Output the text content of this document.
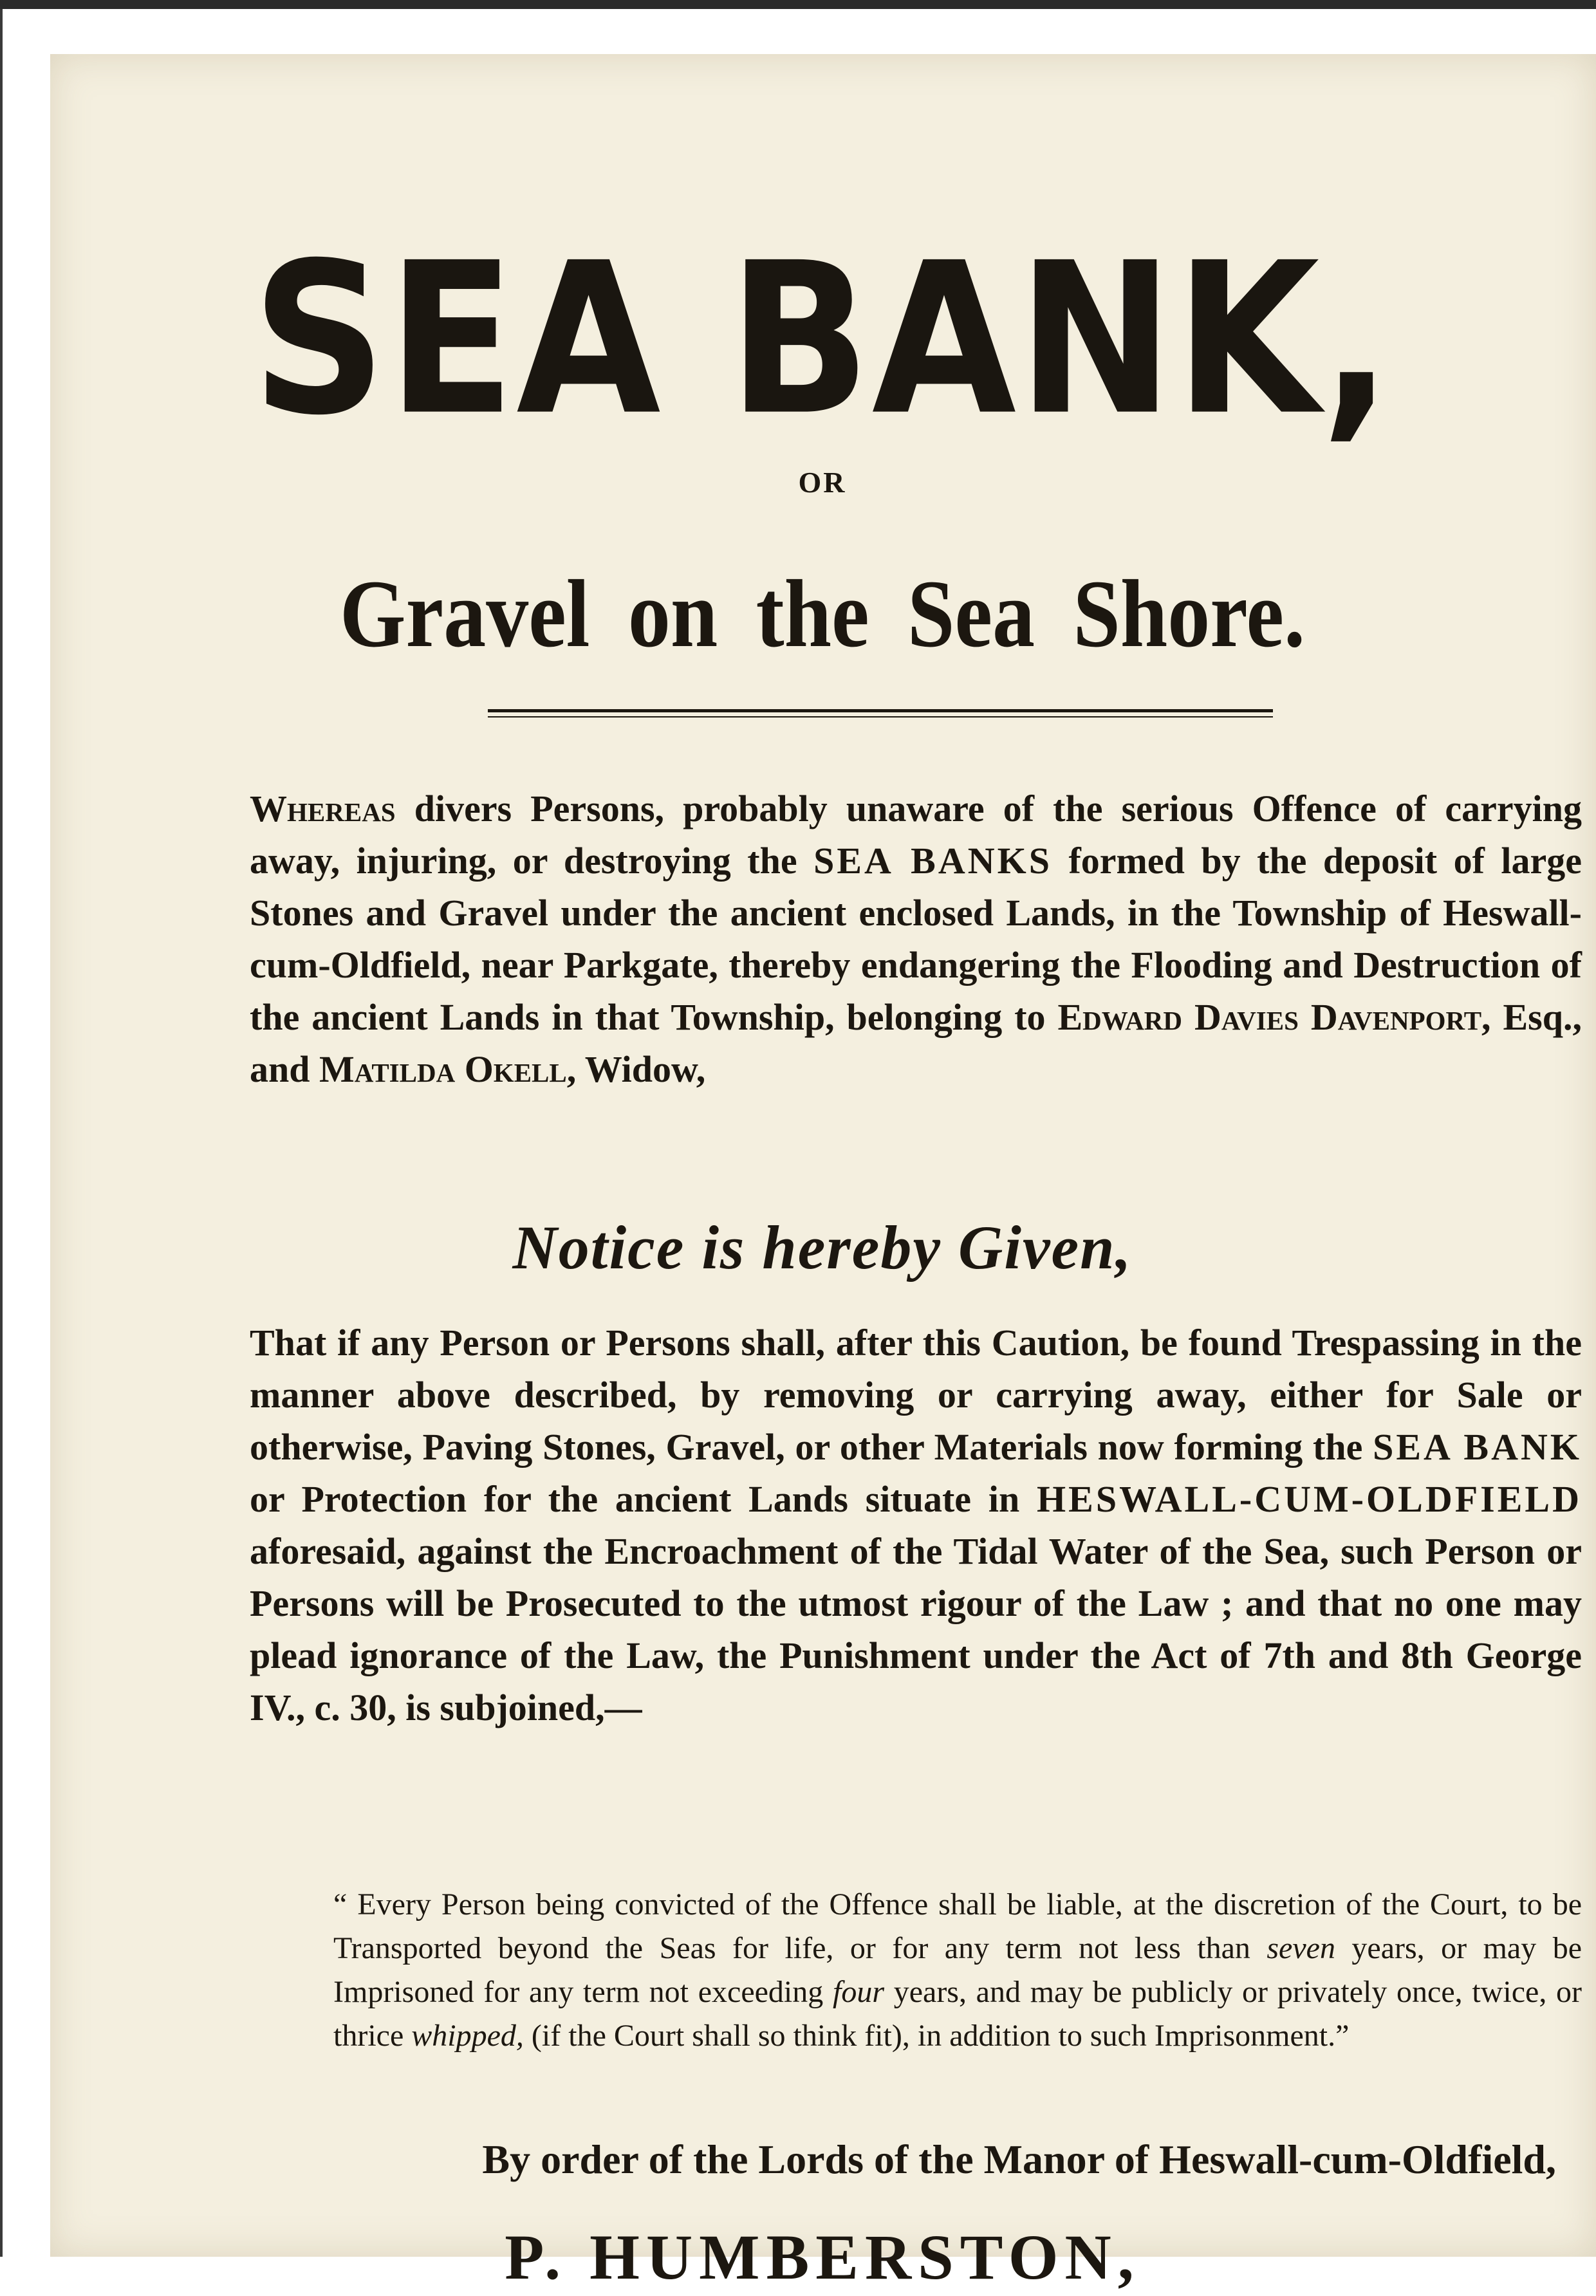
SEA BANK,
OR
Gravel on the Sea Shore.
Whereas divers Persons, probably unaware of the serious Offence of carrying away, injuring, or destroying the SEA BANKS formed by the deposit of large Stones and Gravel under the ancient enclosed Lands, in the Township of Heswall-cum-Oldfield, near Parkgate, thereby endangering the Flooding and Destruction of the ancient Lands in that Township, belonging to Edward Davies Davenport, Esq., and Matilda Okell, Widow,
Notice is hereby Given,
That if any Person or Persons shall, after this Caution, be found Trespassing in the manner above described, by removing or carrying away, either for Sale or otherwise, Paving Stones, Gravel, or other Materials now forming the SEA BANK or Protection for the ancient Lands situate in HESWALL-CUM-OLDFIELD aforesaid, against the Encroachment of the Tidal Water of the Sea, such Person or Persons will be Prosecuted to the utmost rigour of the Law ; and that no one may plead ignorance of the Law, the Punishment under the Act of 7th and 8th George IV., c. 30, is subjoined,—
“ Every Person being convicted of the Offence shall be liable, at the discretion of the Court, to be Transported beyond the Seas for life, or for any term not less than seven years, or may be Imprisoned for any term not exceeding four years, and may be publicly or privately once, twice, or thrice whipped, (if the Court shall so think fit), in addition to such Imprisonment.”
By order of the Lords of the Manor of Heswall-cum-Oldfield,
P. HUMBERSTON,
